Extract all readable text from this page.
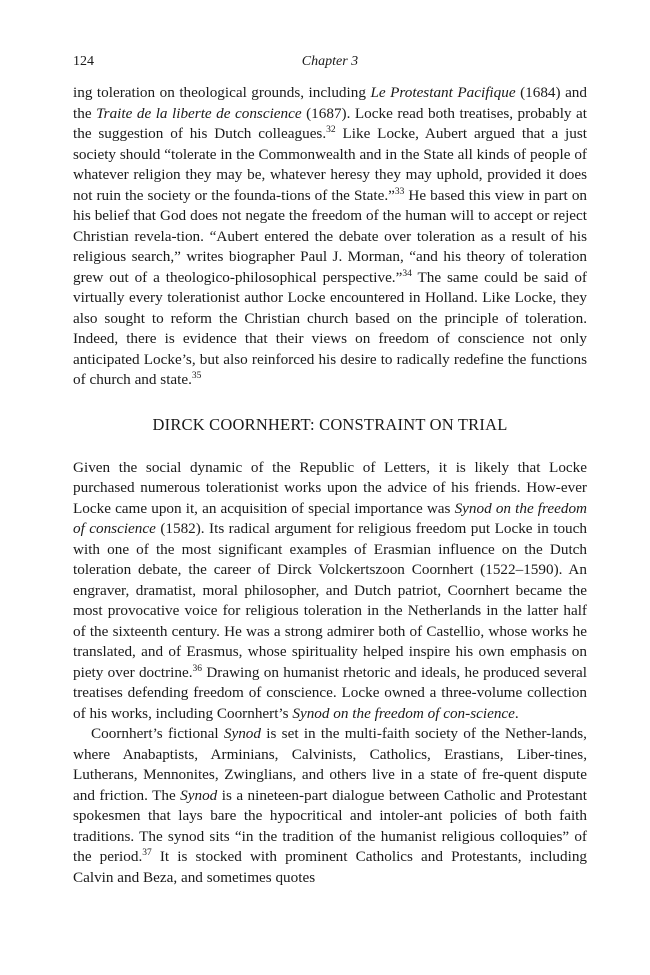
124	Chapter 3

ing toleration on theological grounds, including Le Protestant Pacifique (1684) and the Traite de la liberte de conscience (1687). Locke read both treatises, probably at the suggestion of his Dutch colleagues.$^{32}$ Like Locke, Aubert argued that a just society should “tolerate in the Commonwealth and in the State all kinds of people of whatever religion they may be, whatever heresy they may uphold, provided it does not ruin the society or the founda-tions of the State.”$^{33}$ He based this view in part on his belief that God does not negate the freedom of the human will to accept or reject Christian revela-tion. “Aubert entered the debate over toleration as a result of his religious search,” writes biographer Paul J. Morman, “and his theory of toleration grew out of a theologico-philosophical perspective.”$^{34}$ The same could be said of virtually every tolerationist author Locke encountered in Holland. Like Locke, they also sought to reform the Christian church based on the principle of toleration. Indeed, there is evidence that their views on freedom of conscience not only anticipated Locke’s, but also reinforced his desire to radically redefine the functions of church and state.$^{35}$

DIRCK COORNHERT: CONSTRAINT ON TRIAL

Given the social dynamic of the Republic of Letters, it is likely that Locke purchased numerous tolerationist works upon the advice of his friends. How-ever Locke came upon it, an acquisition of special importance was Synod on the freedom of conscience (1582). Its radical argument for religious freedom put Locke in touch with one of the most significant examples of Erasmian influence on the Dutch toleration debate, the career of Dirck Volckertszoon Coornhert (1522–1590). An engraver, dramatist, moral philosopher, and Dutch patriot, Coornhert became the most provocative voice for religious toleration in the Netherlands in the latter half of the sixteenth century. He was a strong admirer both of Castellio, whose works he translated, and of Erasmus, whose spirituality helped inspire his own emphasis on piety over doctrine.$^{36}$ Drawing on humanist rhetoric and ideals, he produced several treatises defending freedom of conscience. Locke owned a three-volume collection of his works, including Coornhert’s Synod on the freedom of con-science.

Coornhert’s fictional Synod is set in the multi-faith society of the Nether-lands, where Anabaptists, Arminians, Calvinists, Catholics, Erastians, Liber-tines, Lutherans, Mennonites, Zwinglians, and others live in a state of fre-quent dispute and friction. The Synod is a nineteen-part dialogue between Catholic and Protestant spokesmen that lays bare the hypocritical and intoler-ant policies of both faith traditions. The synod sits “in the tradition of the humanist religious colloquies” of the period.$^{37}$ It is stocked with prominent Catholics and Protestants, including Calvin and Beza, and sometimes quotes
